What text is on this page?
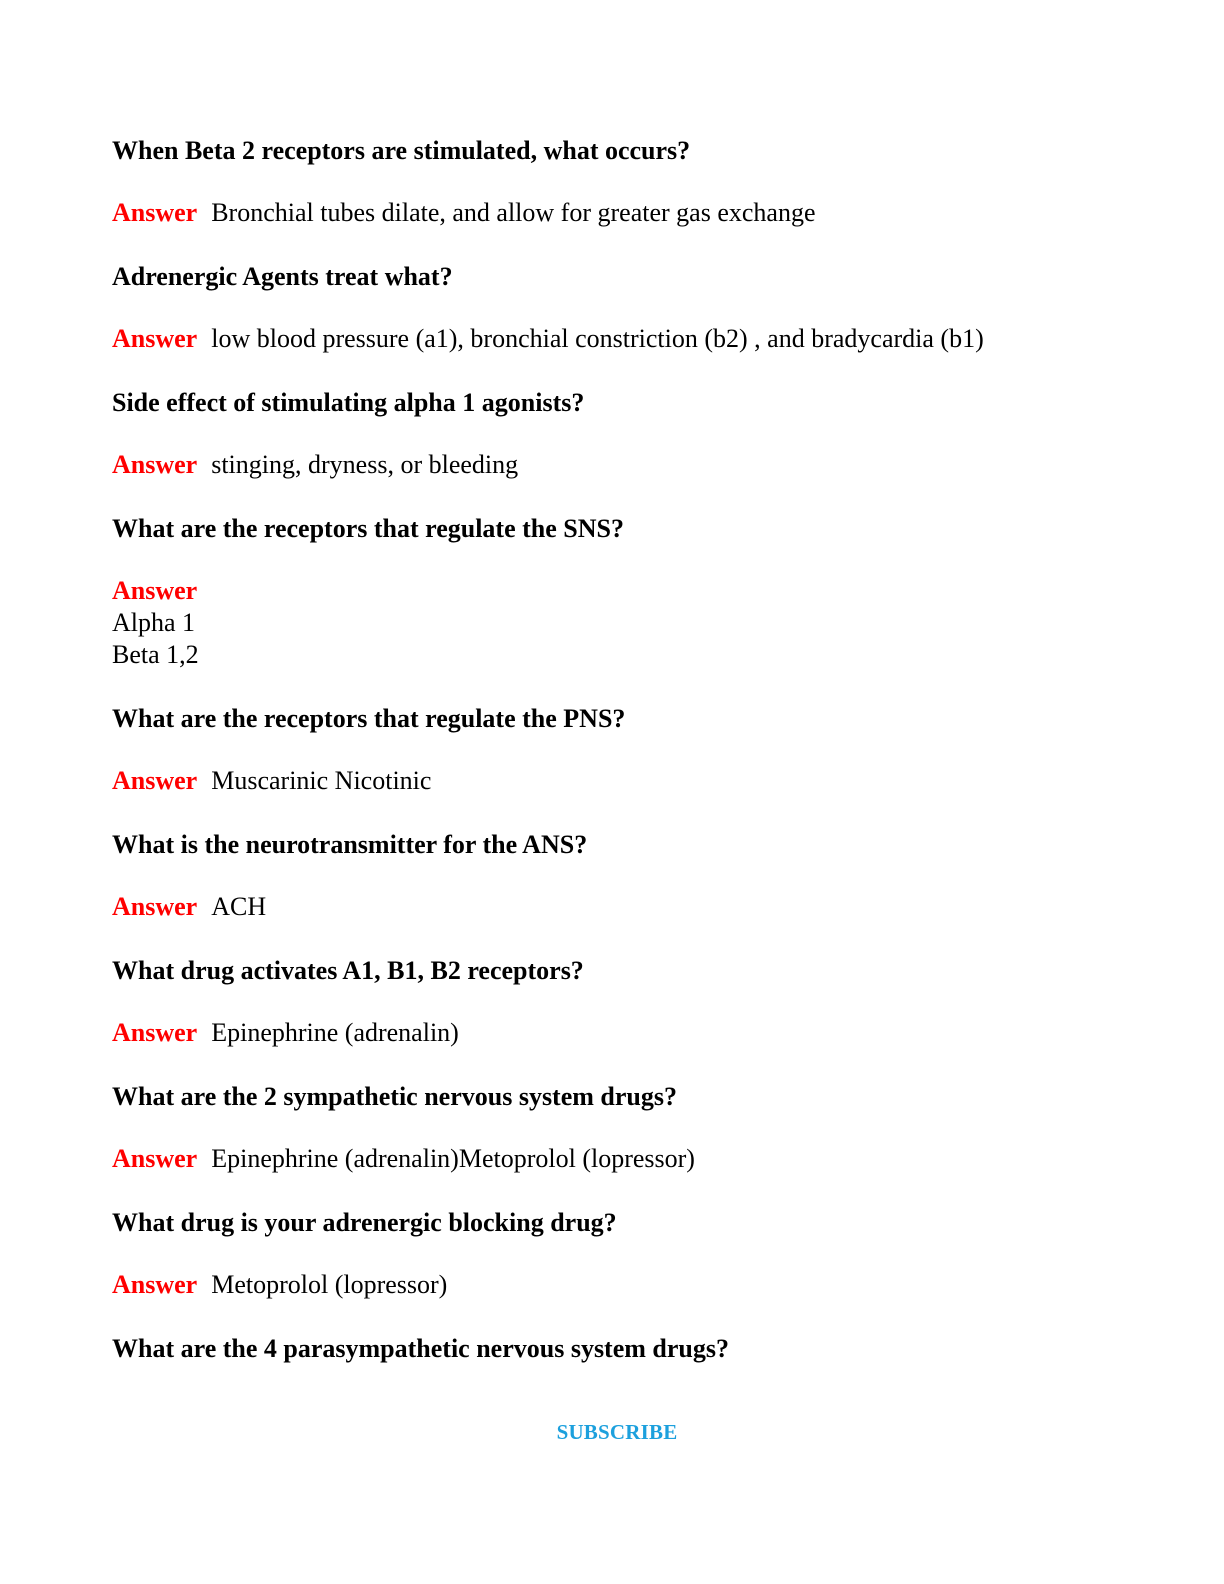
When Beta 2 receptors are stimulated, what occurs?

Answer Bronchial tubes dilate, and allow for greater gas exchange

Adrenergic Agents treat what?

Answer low blood pressure (a1), bronchial constriction (b2) , and bradycardia (b1)

Side effect of stimulating alpha 1 agonists?

Answer stinging, dryness, or bleeding

What are the receptors that regulate the SNS?

Answer
Alpha 1
Beta 1,2

What are the receptors that regulate the PNS?

Answer Muscarinic Nicotinic

What is the neurotransmitter for the ANS?

Answer ACH

What drug activates A1, B1, B2 receptors?

Answer Epinephrine (adrenalin)

What are the 2 sympathetic nervous system drugs?

Answer Epinephrine (adrenalin)Metoprolol (lopressor)

What drug is your adrenergic blocking drug?

Answer Metoprolol (lopressor)

What are the 4 parasympathetic nervous system drugs?

SUBSCRIBE
